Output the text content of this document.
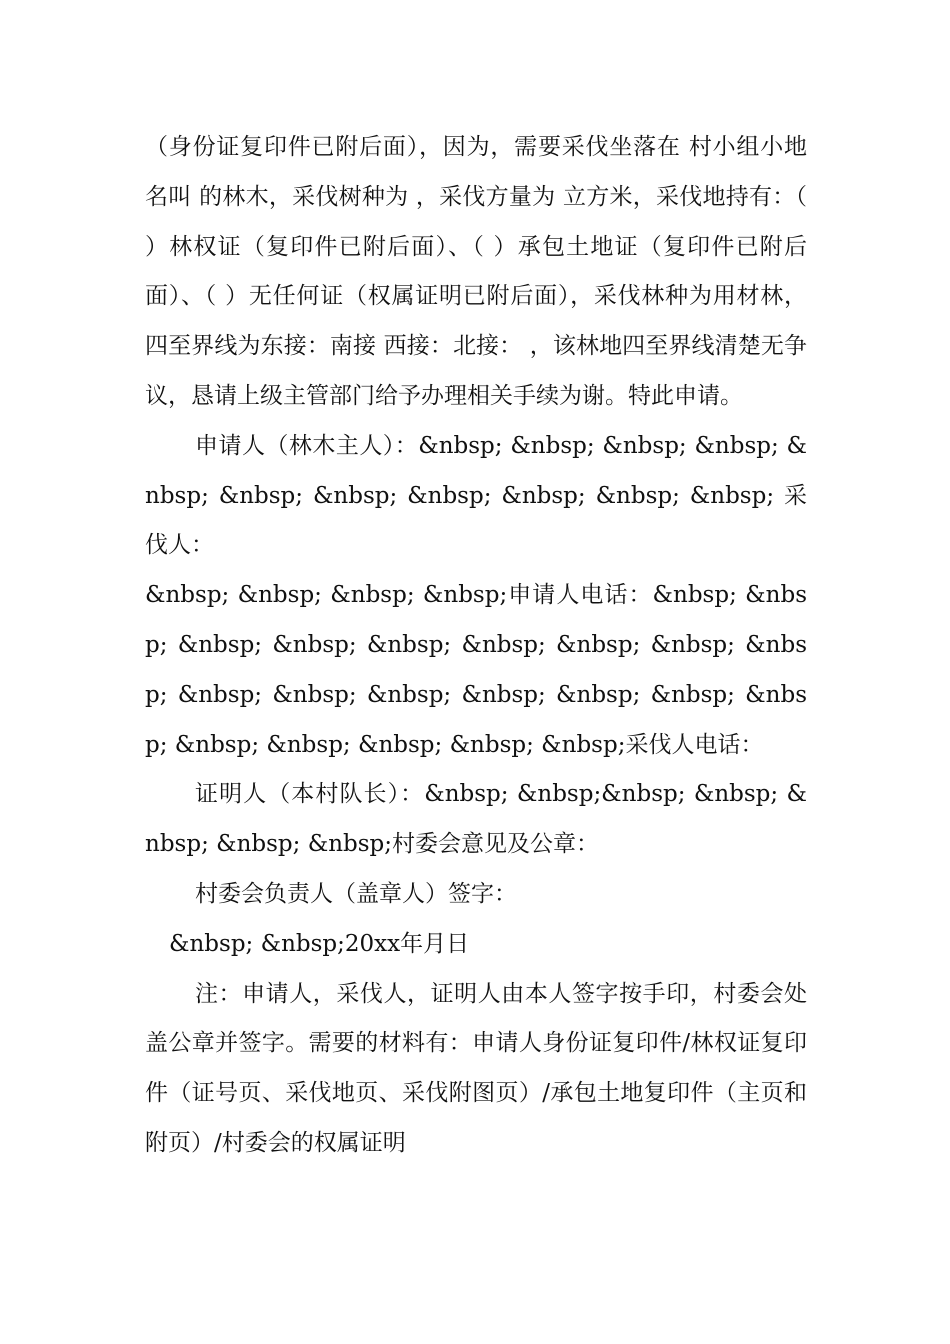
（身份证复印件已附后面），因为，需要采伐坐落在 村小组小地名叫 的林木，采伐树种为 ，采伐方量为 立方米，采伐地持有：（ ）林权证（复印件已附后面）、（ ）承包土地证（复印件已附后面）、（ ）无任何证（权属证明已附后面），采伐林种为用材林，四至界线为东接：南接 西接：北接： ，该林地四至界线清楚无争议，恳请上级主管部门给予办理相关手续为谢。特此申请。

申请人（林木主人）：&nbsp; &nbsp; &nbsp; &nbsp; &nbsp; &nbsp; &nbsp; &nbsp; &nbsp; &nbsp; &nbsp; 采伐人：

&nbsp; &nbsp; &nbsp; &nbsp;申请人电话：&nbsp; &nbsp; &nbsp; &nbsp; &nbsp; &nbsp; &nbsp; &nbsp; &nbsp; &nbsp; &nbsp; &nbsp; &nbsp; &nbsp; &nbsp; &nbsp; &nbsp; &nbsp; &nbsp; &nbsp; &nbsp;采伐人电话：

证明人（本村队长）：&nbsp; &nbsp;&nbsp; &nbsp; &nbsp; &nbsp; &nbsp;村委会意见及公章：

村委会负责人（盖章人）签字：

&nbsp; &nbsp;20xx年月日

注：申请人，采伐人，证明人由本人签字按手印，村委会处盖公章并签字。需要的材料有：申请人身份证复印件/林权证复印件（证号页、采伐地页、采伐附图页）/承包土地复印件（主页和附页）/村委会的权属证明
